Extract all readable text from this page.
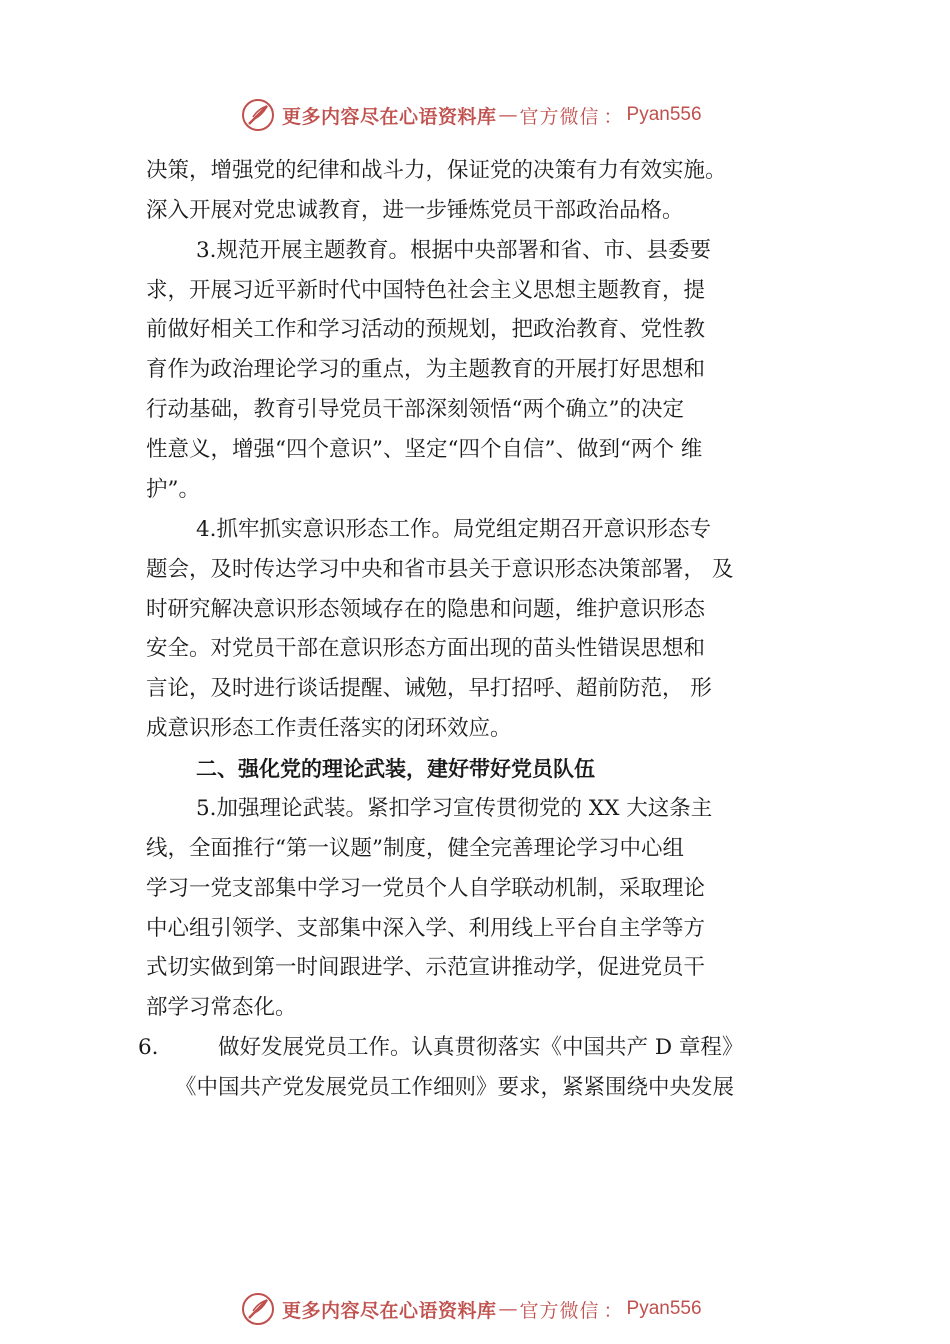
更多内容尽在心语资料库 — 官方微信 ： Pyan556
决策，增强党的纪律和战斗力，保证党的决策有力有效实施。
深入开展对党忠诚教育，进一步锤炼党员干部政治品格。
3.规范开展主题教育。根据中央部署和省、市、县委要
求，开展习近平新时代中国特色社会主义思想主题教育，提
前做好相关工作和学习活动的预规划，把政治教育、党性教
育作为政治理论学习的重点，为主题教育的开展打好思想和
行动基础，教育引导党员干部深刻领悟“两个确立”的决定
性意义，增强“四个意识”、坚定“四个自信”、做到“两个 维
护”。
4.抓牢抓实意识形态工作。局党组定期召开意识形态专
题会，及时传达学习中央和省市县关于意识形态决策部署， 及
时研究解决意识形态领域存在的隐患和问题，维护意识形态
安全。对党员干部在意识形态方面出现的苗头性错误思想和
言论，及时进行谈话提醒、诫勉，早打招呼、超前防范， 形
成意识形态工作责任落实的闭环效应。
二、强化党的理论武装，建好带好党员队伍
5.加强理论武装。紧扣学习宣传贯彻党的 XX 大这条主
线，全面推行“第一议题”制度，健全完善理论学习中心组
学习一党支部集中学习一党员个人自学联动机制，采取理论
中心组引领学、支部集中深入学、利用线上平台自主学等方
式切实做到第一时间跟进学、示范宣讲推动学，促进党员干
部学习常态化。
6.	做好发展党员工作。认真贯彻落实《中国共产 D 章程》
《中国共产党发展党员工作细则》要求，紧紧围绕中央发展
更多内容尽在心语资料库 — 官方微信 ： Pyan556
